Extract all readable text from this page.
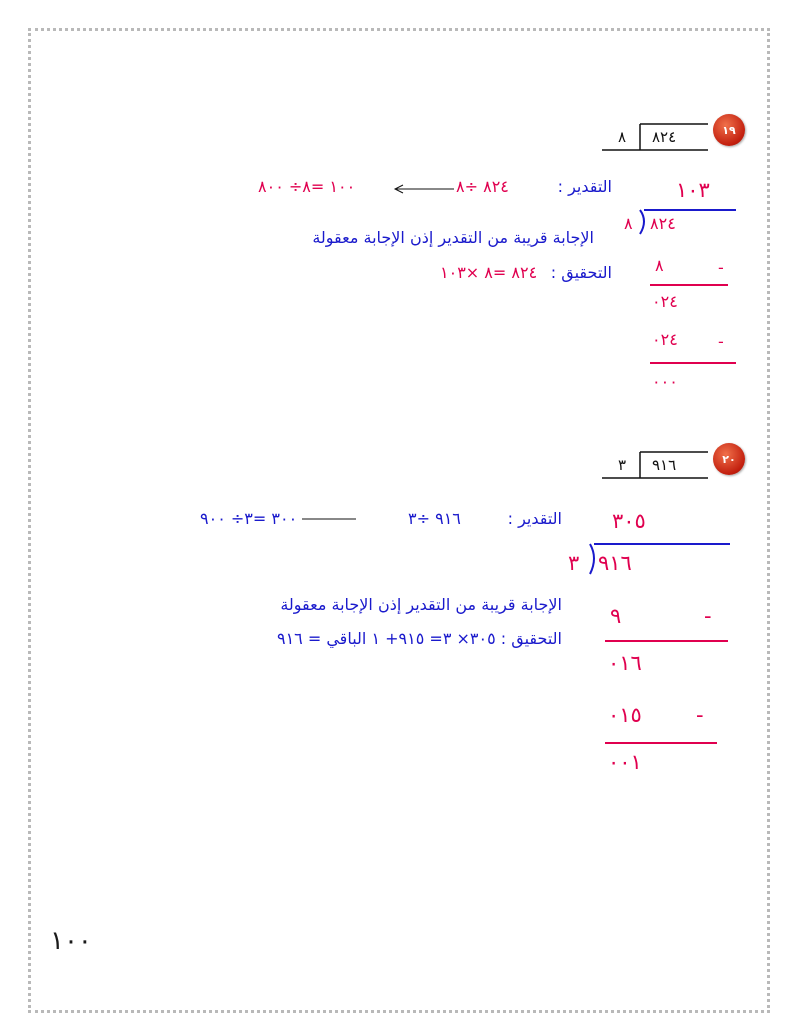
١٩
٨ ٨٢٤
١٠٣
٨ ٨٢٤
٨	-
٠٢٤
٠٢٤	-
٠٠٠
التقدير :
٨٢٤ ÷٨
١٠٠ =٨÷ ٨٠٠
الإجابة قريبة من التقدير إذن الإجابة معقولة
التحقيق :
٨٢٤ =٨ ×١٠٣
٢٠
٣ ٩١٦
٣٠٥
٣ ٩١٦
٩	-
٠١٦
٠١٥	-
٠٠١
التقدير :
٩١٦ ÷٣
٣٠٠ =٣÷ ٩٠٠
الإجابة قريبة من التقدير إذن الإجابة معقولة
التحقيق : ٣٠٥× ٣= ٩١٥+ ١ الباقي = ٩١٦
١٠٠
